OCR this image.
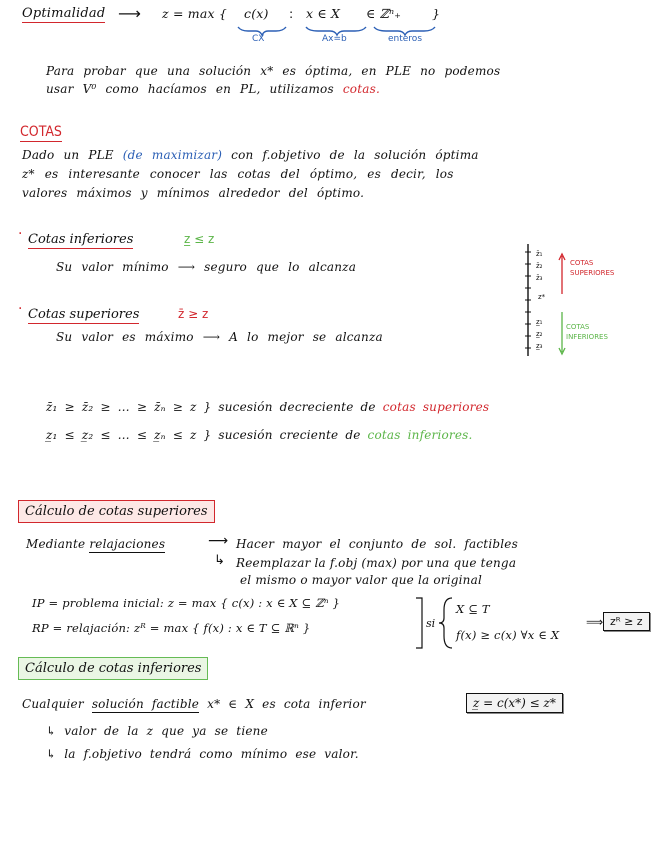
Optimalidad ⟶ z = max { c(x) : x ∈ X ∈ ℤⁿ₊ }
CX	Ax=b	enteros
Para probar que una solución x* es óptima, en PLE no podemos
usar V⁰ como hacíamos en PL, utilizamos cotas.
COTAS
Dado un PLE (de maximizar) con f.objetivo de la solución óptima
z* es interesante conocer las cotas del óptimo, es decir, los
valores máximos y mínimos alrededor del óptimo.
· Cotas inferiores	z̲ ≤ z
Su valor mínimo ⟶ seguro que lo alcanza
· Cotas superiores	z̄ ≥ z
Su valor es máximo ⟶ A lo mejor se alcanza
z̄₁
z̄₂
z̄₃
z*
z̲₁
z̲₂
z̲₃
COTAS
SUPERIORES
COTAS
INFERIORES
z̄₁ ≥ z̄₂ ≥ … ≥ z̄ₙ ≥ z } sucesión decreciente de cotas superiores
z̲₁ ≤ z̲₂ ≤ … ≤ z̲ₙ ≤ z } sucesión creciente de cotas inferiores.
Cálculo de cotas superiores
Mediante relajaciones	⟶ Hacer mayor el conjunto de sol. factibles
↳ Reemplazar la f.obj (max) por una que tenga
el mismo o mayor valor que la original
IP = problema inicial: z = max { c(x) : x ∈ X ⊆ ℤⁿ }
RP = relajación: zᴿ = max { f(x) : x ∈ T ⊆ ℝⁿ }	si
X ⊆ T
f(x) ≥ c(x) ∀x ∈ X
⟹ zᴿ ≥ z
Cálculo de cotas inferiores
Cualquier solución factible x* ∈ X es cota inferior	z̲ = c(x*) ≤ z*
↳ valor de la z que ya se tiene
↳ la f.objetivo tendrá como mínimo ese valor.
